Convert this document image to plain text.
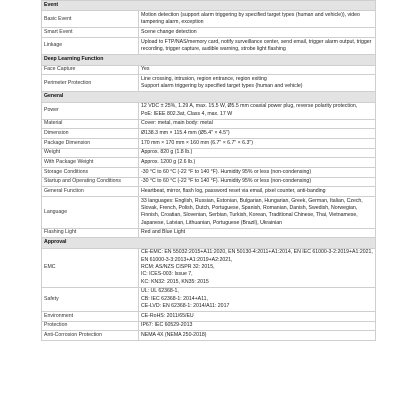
Event	
Basic Event	Motion detection (support alarm triggering by specified target types (human and vehicle)), video tampering alarm, exception

Smart Event	Scene change detection

Linkage	Upload to FTP/NAS/memory card, notify surveillance center, send email, trigger alarm output, trigger recording, trigger capture, audible warning, strobe light flashing

Deep Learning Function	
Face Capture	Yes

Perimeter Protection	Line crossing, intrusion, region entrance, region exiting
Support alarm triggering by specified target types (human and vehicle)

General	
Power	12 VDC ± 25%, 1.29 A, max. 15.5 W, Ø5.5 mm coaxial power plug, reverse polarity protection,
PoE: IEEE 802.3at, Class 4, max. 17 W

Material	Cover: metal, main body: metal

Dimension	Ø138.3 mm × 115.4 mm (Ø5.4" × 4.5")

Package Dimension	170 mm × 170 mm × 160 mm (6.7" × 6.7" × 6.3")

Weight	Approx. 820 g (1.8 lb.)

With Package Weight	Approx. 1200 g (2.6 lb.)

Storage Conditions	-30 °C to 60 °C (-22 °F to 140 °F). Humidity 95% or less (non-condensing)

Startup and Operating Conditions	-30 °C to 60 °C (-22 °F to 140 °F). Humidity 95% or less (non-condensing)

General Function	Heartbeat, mirror, flash log, password reset via email, pixel counter, anti-banding

Language	33 languages: English, Russian, Estonian, Bulgarian, Hungarian, Greek, German, Italian, Czech, Slovak, French, Polish, Dutch, Portuguese, Spanish, Romanian, Danish, Swedish, Norwegian, Finnish, Croatian, Slovenian, Serbian, Turkish, Korean, Traditional Chinese, Thai, Vietnamese, Japanese, Latvian, Lithuanian, Portuguese (Brazil), Ukrainian

Flashing Light	Red and Blue Light

Approval	
EMC	CE-EMC: EN 55032:2015+A11:2020, EN 50130-4:2011+A1:2014, EN IEC 61000-3-2:2019+A1:2021, EN 61000-3-3:2013+A1:2019+A2:2021,
RCM: AS/NZS CISPR 32: 2015,
IC: ICES-003: Issue 7,
KC: KN32: 2015, KN35: 2015

Safety	UL: UL 62368-1,
CB: IEC 62368-1: 2014+A11,
CE-LVD: EN 62368-1: 2014/A11: 2017

Environment	CE-RoHS: 2011/65/EU

Protection	IP67: IEC 60529-2013

Anti-Corrosion Protection	NEMA 4X (NEMA 250-2018)
